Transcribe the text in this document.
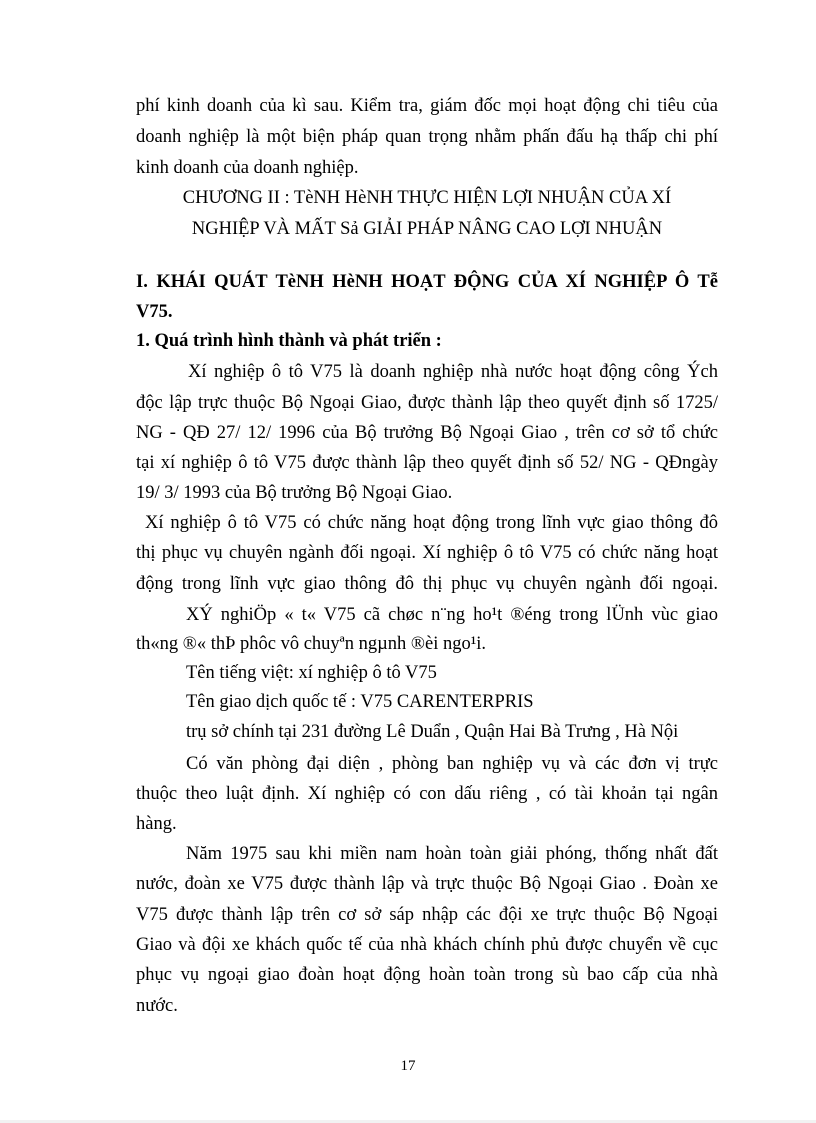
phí kinh doanh của kì sau. Kiểm tra, giám đốc mọi hoạt động chi tiêu của
doanh nghiệp là một biện pháp quan trọng nhằm phấn đấu hạ thấp chi phí
kinh doanh của doanh nghiệp.
CHƯƠNG II : TèNH HèNH THỰC HIỆN LỢI NHUẬN CỦA XÍ
NGHIỆP VÀ MẤT Sả GIẢI PHÁP NÂNG CAO LỢI NHUẬN
I. KHÁI QUÁT TèNH HèNH HOẠT ĐỘNG CỦA XÍ NGHIỆP Ô Tễ
V75.
1. Quá trình hình thành và phát triển :
Xí nghiệp ô tô V75 là doanh nghiệp nhà nước hoạt động công Ých
độc lập trực thuộc Bộ Ngoại Giao, được thành lập theo quyết định số 1725/
NG - QĐ 27/ 12/ 1996 của Bộ trưởng Bộ Ngoại Giao , trên cơ sở tổ chức
tại xí nghiệp ô tô V75 được thành lập theo quyết định số 52/ NG - QĐngày
19/ 3/ 1993 của Bộ trưởng Bộ Ngoại Giao.
Xí nghiệp ô tô V75 có chức năng hoạt động trong lĩnh vực giao thông đô
thị phục vụ chuyên ngành đối ngoại. Xí nghiệp ô tô V75 có chức năng hoạt
động trong lĩnh vực giao thông đô thị phục vụ chuyên ngành đối ngoại.
XÝ nghiÖp « t« V75 cã chøc n¨ng ho¹t ®éng trong lÜnh vùc giao
th«ng ®« thÞ phôc vô chuyªn ngµnh ®èi ngo¹i.
Tên tiếng việt: xí nghiệp ô tô V75
Tên giao dịch quốc tế : V75 CARENTERPRIS
trụ sở chính tại 231 đường Lê Duẩn , Quận Hai Bà Trưng , Hà Nội
Có văn phòng đại diện , phòng ban nghiệp vụ và các đơn vị trực
thuộc theo luật định. Xí nghiệp có con dấu riêng , có tài khoản tại ngân
hàng.
Năm 1975 sau khi miền nam hoàn toàn giải phóng, thống nhất đất
nước, đoàn xe V75 được thành lập và trực thuộc Bộ Ngoại Giao . Đoàn xe
V75 được thành lập trên cơ sở sáp nhập các đội xe trực thuộc Bộ Ngoại
Giao và đội xe khách quốc tế của nhà khách chính phủ được chuyển về cục
phục vụ ngoại giao đoàn hoạt động hoàn toàn trong sù bao cấp của nhà
nước.
17
